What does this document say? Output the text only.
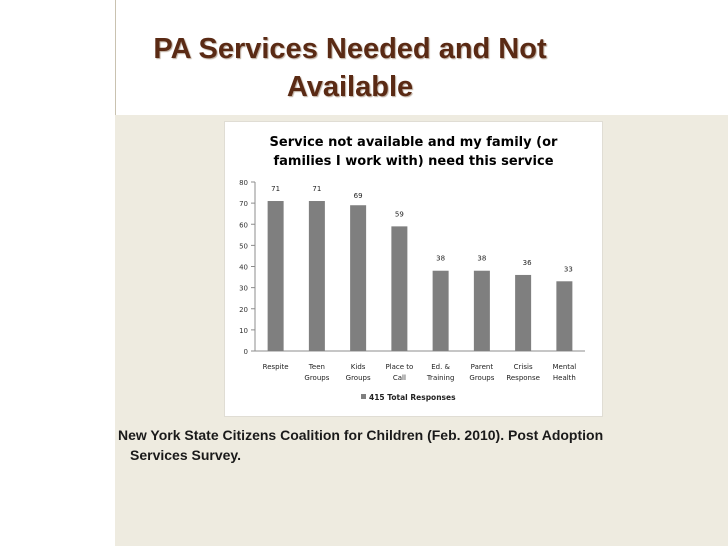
PA Services Needed and Not
Available
Service not available and my family (or
families I work with) need this service
0
10
20
30
40
50
60
70
80
71
Respite
71
Teen
Groups
69
Kids
Groups
59
Place to
Call
38
Ed. &
Training
38
Parent
Groups
36
Crisis
Response
33
Mental
Health
415 Total Responses
New York State Citizens Coalition for Children (Feb. 2010). Post Adoption
Services Survey.
